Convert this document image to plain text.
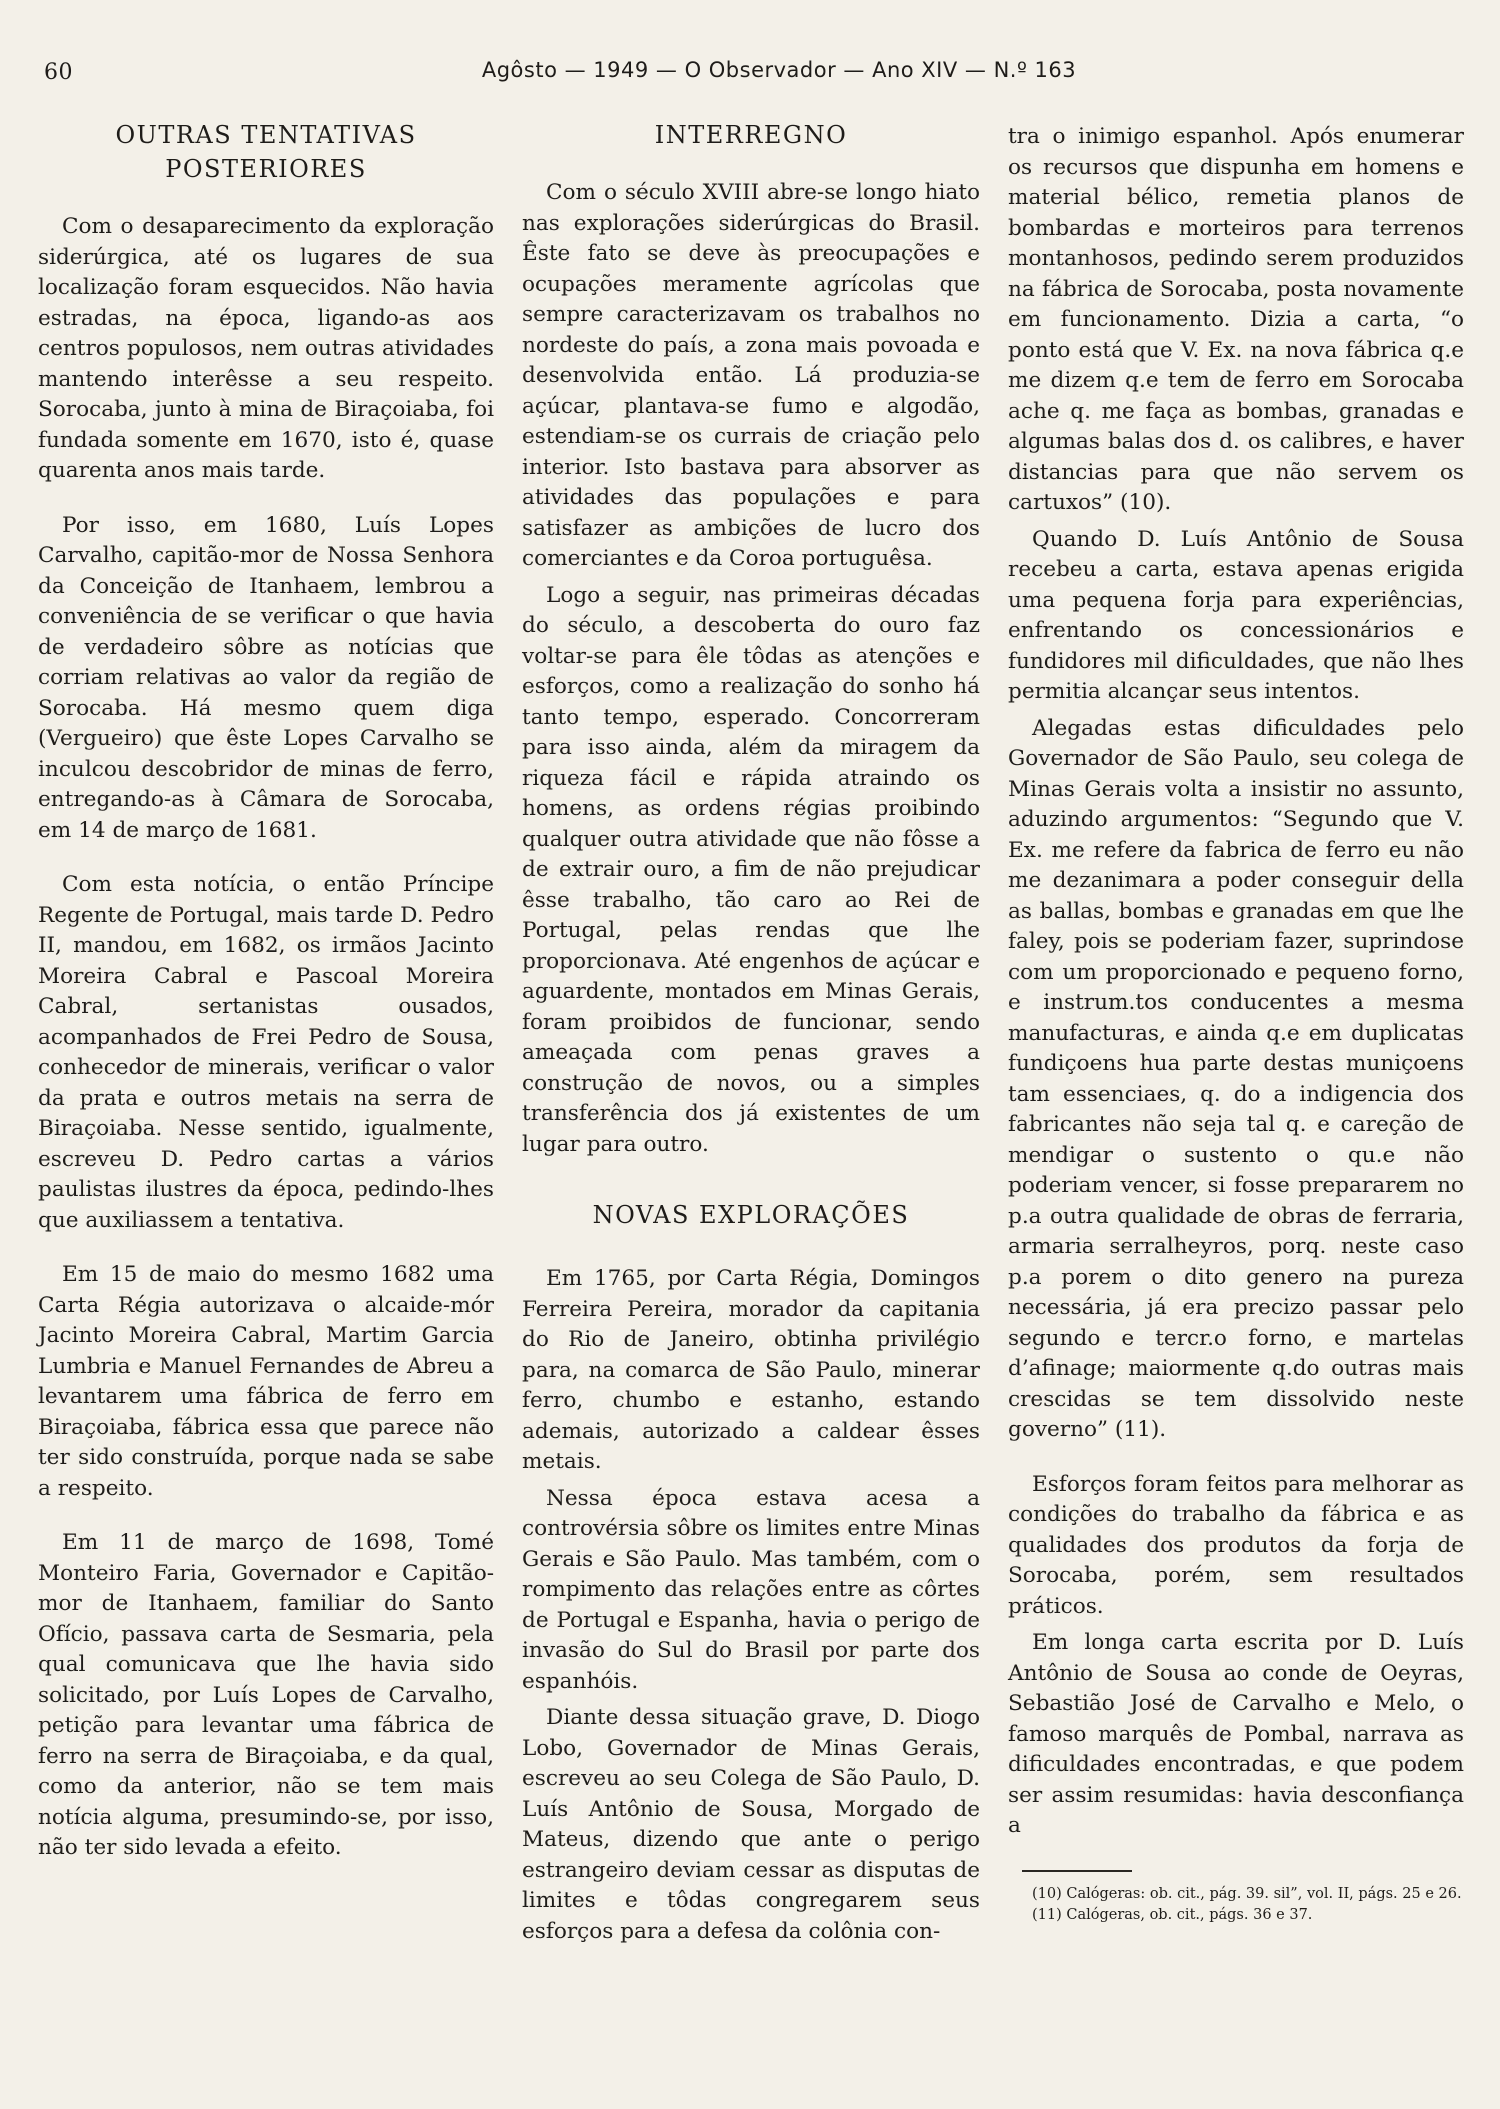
60	Agôsto — 1949 — O Observador — Ano XIV — N.º 163
OUTRAS TENTATIVAS POSTERIORES

Com o desaparecimento da exploração siderúrgica, até os lugares de sua localização foram esquecidos. Não havia estradas, na época, ligando-as aos centros populosos, nem outras atividades mantendo interêsse a seu respeito. Sorocaba, junto à mina de Biraçoiaba, foi fundada somente em 1670, isto é, quase quarenta anos mais tarde.

Por isso, em 1680, Luís Lopes Carvalho, capitão-mor de Nossa Senhora da Conceição de Itanhaem, lembrou a conveniência de se verificar o que havia de verdadeiro sôbre as notícias que corriam relativas ao valor da região de Sorocaba. Há mesmo quem diga (Vergueiro) que êste Lopes Carvalho se inculcou descobridor de minas de ferro, entregando-as à Câmara de Sorocaba, em 14 de março de 1681.

Com esta notícia, o então Príncipe Regente de Portugal, mais tarde D. Pedro II, mandou, em 1682, os irmãos Jacinto Moreira Cabral e Pascoal Moreira Cabral, sertanistas ousados, acompanhados de Frei Pedro de Sousa, conhecedor de minerais, verificar o valor da prata e outros metais na serra de Biraçoiaba. Nesse sentido, igualmente, escreveu D. Pedro cartas a vários paulistas ilustres da época, pedindo-lhes que auxiliassem a tentativa.

Em 15 de maio do mesmo 1682 uma Carta Régia autorizava o alcaide-mór Jacinto Moreira Cabral, Martim Garcia Lumbria e Manuel Fernandes de Abreu a levantarem uma fábrica de ferro em Biraçoiaba, fábrica essa que parece não ter sido construída, porque nada se sabe a respeito.

Em 11 de março de 1698, Tomé Monteiro Faria, Governador e Capitão-mor de Itanhaem, familiar do Santo Ofício, passava carta de Sesmaria, pela qual comunicava que lhe havia sido solicitado, por Luís Lopes de Carvalho, petição para levantar uma fábrica de ferro na serra de Biraçoiaba, e da qual, como da anterior, não se tem mais notícia alguma, presumindo-se, por isso, não ter sido levada a efeito.

INTERREGNO

Com o século XVIII abre-se longo hiato nas explorações siderúrgicas do Brasil. Êste fato se deve às preocupações e ocupações meramente agrícolas que sempre caracterizavam os trabalhos no nordeste do país, a zona mais povoada e desenvolvida então. Lá produzia-se açúcar, plantava-se fumo e algodão, estendiam-se os currais de criação pelo interior. Isto bastava para absorver as atividades das populações e para satisfazer as ambições de lucro dos comerciantes e da Coroa portuguêsa.

Logo a seguir, nas primeiras décadas do século, a descoberta do ouro faz voltar-se para êle tôdas as atenções e esforços, como a realização do sonho há tanto tempo, esperado. Concorreram para isso ainda, além da miragem da riqueza fácil e rápida atraindo os homens, as ordens régias proibindo qualquer outra atividade que não fôsse a de extrair ouro, a fim de não prejudicar êsse trabalho, tão caro ao Rei de Portugal, pelas rendas que lhe proporcionava. Até engenhos de açúcar e aguardente, montados em Minas Gerais, foram proibidos de funcionar, sendo ameaçada com penas graves a construção de novos, ou a simples transferência dos já existentes de um lugar para outro.

NOVAS EXPLORAÇÕES

Em 1765, por Carta Régia, Domingos Ferreira Pereira, morador da capitania do Rio de Janeiro, obtinha privilégio para, na comarca de São Paulo, minerar ferro, chumbo e estanho, estando ademais, autorizado a caldear êsses metais.

Nessa época estava acesa a controvérsia sôbre os limites entre Minas Gerais e São Paulo. Mas também, com o rompimento das relações entre as côrtes de Portugal e Espanha, havia o perigo de invasão do Sul do Brasil por parte dos espanhóis.

Diante dessa situação grave, D. Diogo Lobo, Governador de Minas Gerais, escreveu ao seu Colega de São Paulo, D. Luís Antônio de Sousa, Morgado de Mateus, dizendo que ante o perigo estrangeiro deviam cessar as disputas de limites e tôdas congregarem seus esforços para a defesa da colônia con-

tra o inimigo espanhol. Após enumerar os recursos que dispunha em homens e material bélico, remetia planos de bombardas e morteiros para terrenos montanhosos, pedindo serem produzidos na fábrica de Sorocaba, posta novamente em funcionamento. Dizia a carta, “o ponto está que V. Ex. na nova fábrica q.e me dizem q.e tem de ferro em Sorocaba ache q. me faça as bombas, granadas e algumas balas dos d. os calibres, e haver distancias para que não servem os cartuxos” (10).

Quando D. Luís Antônio de Sousa recebeu a carta, estava apenas erigida uma pequena forja para experiências, enfrentando os concessionários e fundidores mil dificuldades, que não lhes permitia alcançar seus intentos.

Alegadas estas dificuldades pelo Governador de São Paulo, seu colega de Minas Gerais volta a insistir no assunto, aduzindo argumentos: “Segundo que V. Ex. me refere da fabrica de ferro eu não me dezanimara a poder conseguir della as ballas, bombas e granadas em que lhe faley, pois se poderiam fazer, suprindose com um proporcionado e pequeno forno, e instrum.tos conducentes a mesma manufacturas, e ainda q.e em duplicatas fundiçoens hua parte destas muniçoens tam essenciaes, q. do a indigencia dos fabricantes não seja tal q. e careção de mendigar o sustento o qu.e não poderiam vencer, si fosse prepararem no p.a outra qualidade de obras de ferraria, armaria serralheyros, porq. neste caso p.a porem o dito genero na pureza necessária, já era precizo passar pelo segundo e tercr.o forno, e martelas d’afinage; maiormente q.do outras mais crescidas se tem dissolvido neste governo” (11).

Esforços foram feitos para melhorar as condições do trabalho da fábrica e as qualidades dos produtos da forja de Sorocaba, porém, sem resultados práticos.

Em longa carta escrita por D. Luís Antônio de Sousa ao conde de Oeyras, Sebastião José de Carvalho e Melo, o famoso marquês de Pombal, narrava as dificuldades encontradas, e que podem ser assim resumidas: havia desconfiança a

(10) Calógeras: ob. cit., pág. 39. sil”, vol. II, págs. 25 e 26.

(11) Calógeras, ob. cit., págs. 36 e 37.
